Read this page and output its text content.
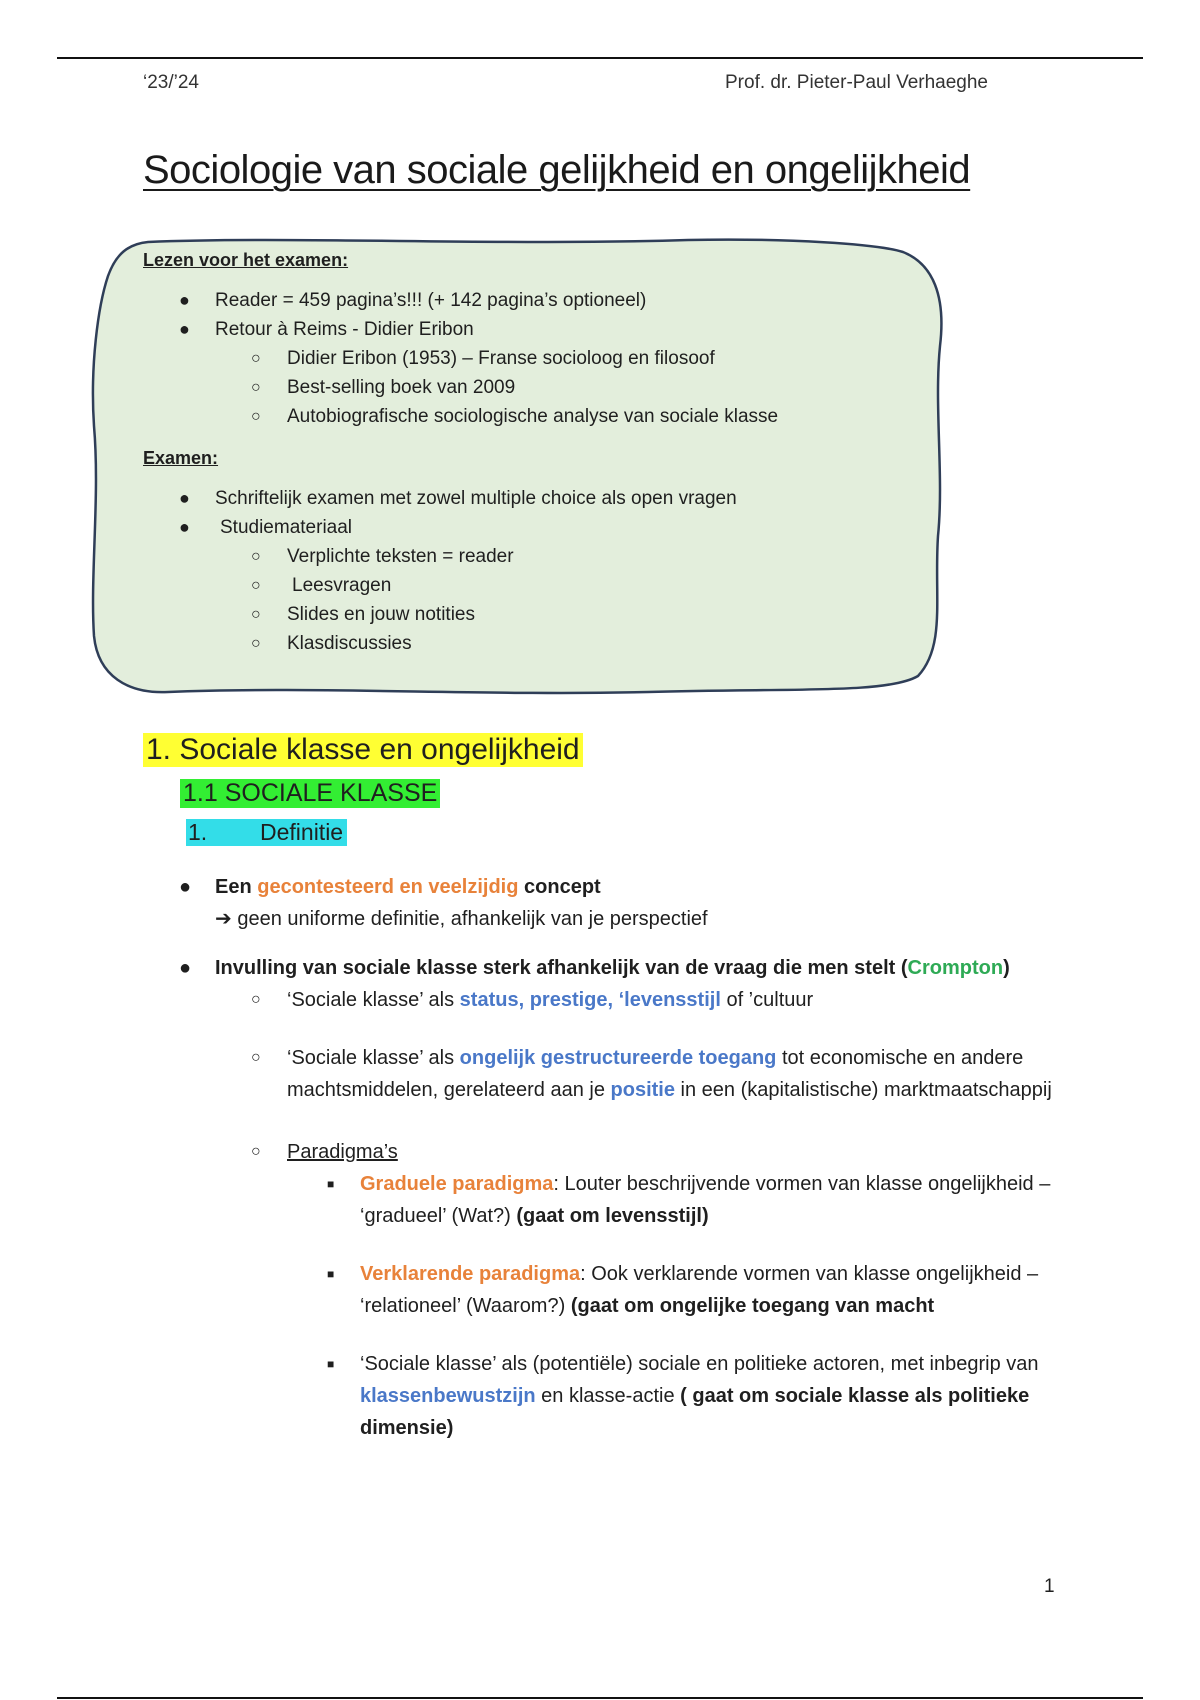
‘23/’24	Prof. dr. Pieter-Paul Verhaeghe
Sociologie van sociale gelijkheid en ongelijkheid
Lezen voor het examen:
● Reader = 459 pagina’s!!! (+ 142 pagina’s optioneel)
● Retour à Reims - Didier Eribon
○ Didier Eribon (1953) – Franse socioloog en filosoof
○ Best-selling boek van 2009
○ Autobiografische sociologische analyse van sociale klasse
Examen:
● Schriftelijk examen met zowel multiple choice als open vragen
● Studiemateriaal
○ Verplichte teksten = reader
○ Leesvragen
○ Slides en jouw notities
○ Klasdiscussies
1. Sociale klasse en ongelijkheid
1.1 SOCIALE KLASSE
1. Definitie
● Een gecontesteerd en veelzijdig concept
➔ geen uniforme definitie, afhankelijk van je perspectief
● Invulling van sociale klasse sterk afhankelijk van de vraag die men stelt (Crompton)
○ ‘Sociale klasse’ als status, prestige, ‘levensstijl of ’cultuur
○ ‘Sociale klasse’ als ongelijk gestructureerde toegang tot economische en andere machtsmiddelen, gerelateerd aan je positie in een (kapitalistische) marktmaatschappij
○ Paradigma’s
■ Graduele paradigma: Louter beschrijvende vormen van klasse ongelijkheid – ‘gradueel’ (Wat?) (gaat om levensstijl)
■ Verklarende paradigma: Ook verklarende vormen van klasse ongelijkheid – ‘relationeel’ (Waarom?) (gaat om ongelijke toegang van macht
■ ‘Sociale klasse’ als (potentiële) sociale en politieke actoren, met inbegrip van klassenbewustzijn en klasse-actie ( gaat om sociale klasse als politieke dimensie)
1
